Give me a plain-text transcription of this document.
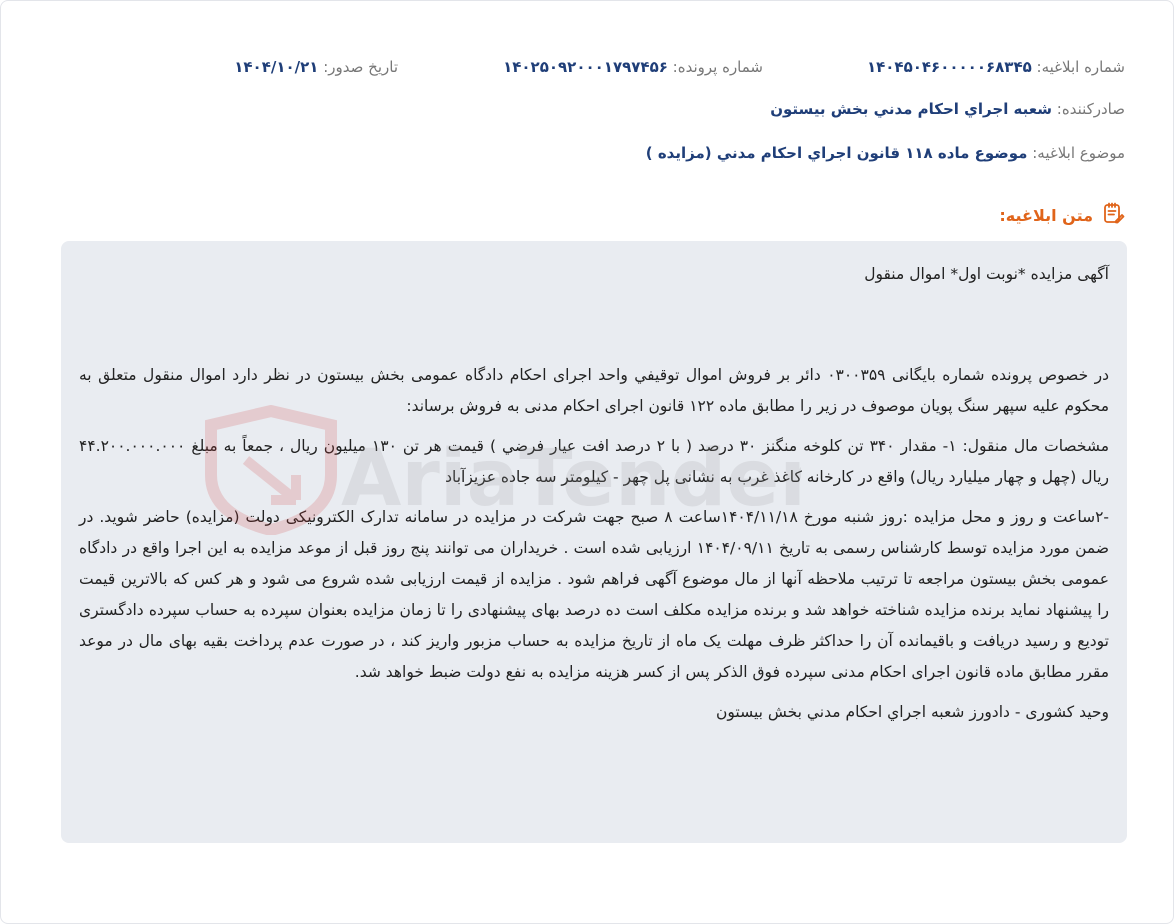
شماره ابلاغیه: ۱۴۰۴۵۰۴۶۰۰۰۰۰۶۸۳۴۵
شماره پرونده: ۱۴۰۲۵۰۹۲۰۰۰۱۷۹۷۴۵۶
تاریخ صدور: ۱۴۰۴/۱۰/۲۱
صادرکننده: شعبه اجراي احكام مدني بخش بيستون
موضوع ابلاغیه: موضوع ماده ۱۱۸ قانون اجراي احكام مدني (مزايده )
متن ابلاغیه:

آگهی مزایده *نوبت اول* اموال منقول

در خصوص پرونده شماره بایگانی ۰۳۰۰۳۵۹ دائر بر فروش اموال توقیفي واحد اجرای احکام دادگاه عمومی بخش بیستون در نظر دارد اموال منقول متعلق به محکوم علیه سپهر سنگ پویان موصوف در زیر را مطابق ماده ۱۲۲ قانون اجرای احکام مدنی به فروش برساند:

مشخصات مال منقول: ۱- مقدار ۳۴۰ تن کلوخه منگنز ۳۰ درصد ( با ۲ درصد افت عیار فرضي ) قیمت هر تن ۱۳۰ میلیون ریال ، جمعاً به مبلغ ۴۴.۲۰۰.۰۰۰.۰۰۰ ریال (چهل و چهار میلیارد ریال) واقع در کارخانه کاغذ غرب به نشانی پل چهر - کیلومتر سه جاده عزیزآباد

-۲ساعت و روز و محل مزایده :روز شنبه مورخ ۱۴۰۴/۱۱/۱۸ساعت ۸ صبح جهت شرکت در مزایده در سامانه تدارک الکترونیکی دولت (مزایده) حاضر شوید. در ضمن مورد مزایده توسط کارشناس رسمی به تاریخ ۱۴۰۴/۰۹/۱۱ ارزیابی شده است . خریداران می توانند پنج روز قبل از موعد مزایده به این اجرا واقع در دادگاه عمومی بخش بیستون مراجعه تا ترتیب ملاحظه آنها از مال موضوع آگهی فراهم شود . مزایده از قیمت ارزیابی شده شروع می شود و هر کس که بالاترین قیمت را پیشنهاد نماید برنده مزایده شناخته خواهد شد و برنده مزایده مکلف است ده درصد بهای پیشنهادی را تا زمان مزایده بعنوان سپرده به حساب سپرده دادگستری تودیع و رسید دریافت و باقیمانده آن را حداکثر ظرف مهلت یک ماه از تاریخ مزایده به حساب مزبور واریز کند ، در صورت عدم پرداخت بقیه بهای مال در موعد مقرر مطابق ماده قانون اجرای احکام مدنی سپرده فوق الذکر پس از کسر هزینه مزایده به نفع دولت ضبط خواهد شد.

وحید کشوری - دادورز شعبه اجراي احكام مدني بخش بيستون
